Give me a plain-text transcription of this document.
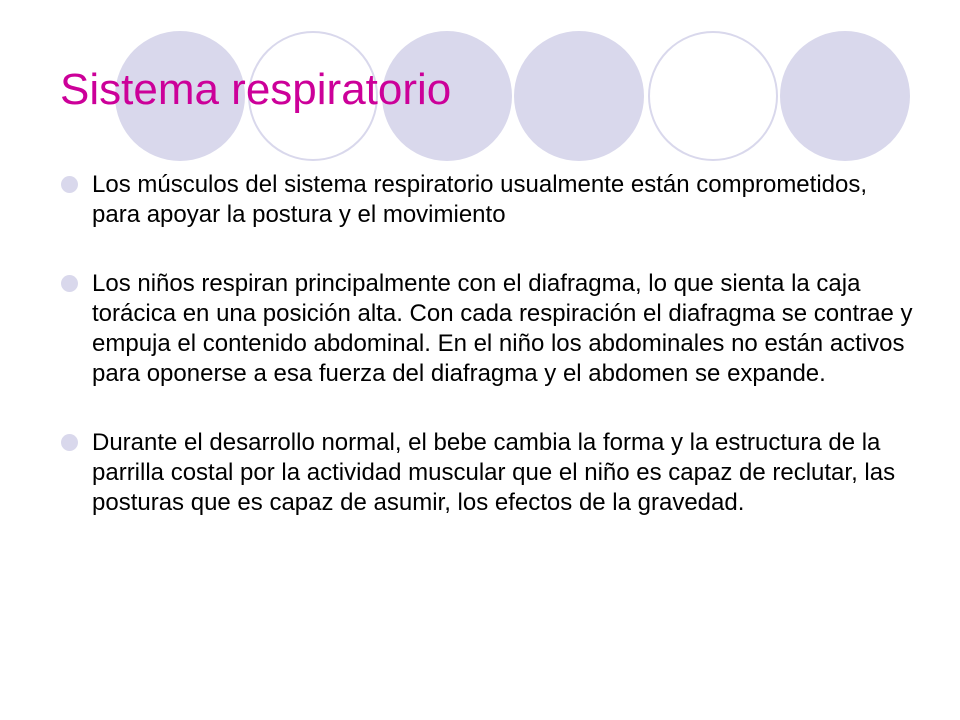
Sistema respiratorio
Los músculos del sistema respiratorio usualmente están comprometidos, para apoyar la postura y el movimiento
Los niños respiran principalmente con el diafragma, lo que sienta la caja torácica en una posición alta. Con cada respiración el diafragma se contrae y empuja el contenido abdominal. En el niño los abdominales no están activos para oponerse a esa fuerza del diafragma y el abdomen se expande.
Durante el desarrollo normal, el bebe cambia la forma y la estructura de la parrilla costal por la actividad muscular que el niño es capaz de reclutar, las posturas que es capaz de asumir, los efectos de la gravedad.
